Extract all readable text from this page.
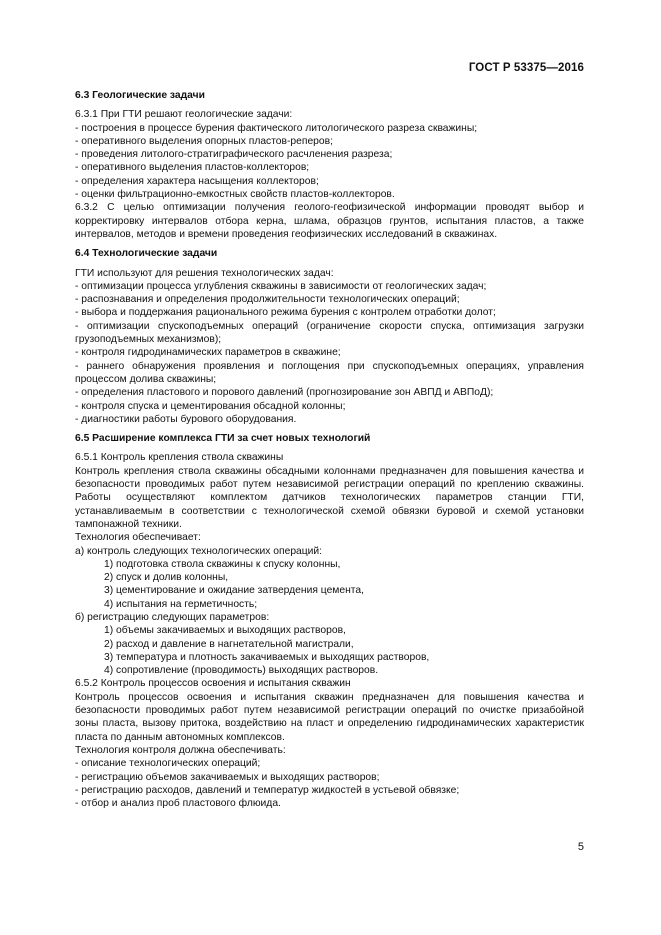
ГОСТ Р 53375—2016
6.3 Геологические задачи
6.3.1 При ГТИ решают геологические задачи:
- построения в процессе бурения фактического литологического разреза скважины;
- оперативного выделения опорных пластов-реперов;
- проведения литолого-стратиграфического расчленения разреза;
- оперативного выделения пластов-коллекторов;
- определения характера насыщения коллекторов;
- оценки фильтрационно-емкостных свойств пластов-коллекторов.
6.3.2 С целью оптимизации получения геолого-геофизической информации проводят выбор и корректировку интервалов отбора керна, шлама, образцов грунтов, испытания пластов, а также интервалов, методов и времени проведения геофизических исследований в скважинах.
6.4 Технологические задачи
ГТИ используют для решения технологических задач:
- оптимизации процесса углубления скважины в зависимости от геологических задач;
- распознавания и определения продолжительности технологических операций;
- выбора и поддержания рационального режима бурения с контролем отработки долот;
- оптимизации спускоподъемных операций (ограничение скорости спуска, оптимизация загрузки грузоподъемных механизмов);
- контроля гидродинамических параметров в скважине;
- раннего обнаружения проявления и поглощения при спускоподъемных операциях, управления процессом долива скважины;
- определения пластового и порового давлений (прогнозирование зон АВПД и АВПоД);
- контроля спуска и цементирования обсадной колонны;
- диагностики работы бурового оборудования.
6.5 Расширение комплекса ГТИ за счет новых технологий
6.5.1 Контроль крепления ствола скважины
Контроль крепления ствола скважины обсадными колоннами предназначен для повышения качества и безопасности проводимых работ путем независимой регистрации операций по креплению скважины. Работы осуществляют комплектом датчиков технологических параметров станции ГТИ, устанавливаемым в соответствии с технологической схемой обвязки буровой и схемой установки тампонажной техники.
Технология обеспечивает:
а) контроль следующих технологических операций:
1) подготовка ствола скважины к спуску колонны,
2) спуск и долив колонны,
3) цементирование и ожидание затвердения цемента,
4) испытания на герметичность;
б) регистрацию следующих параметров:
1) объемы закачиваемых и выходящих растворов,
2) расход и давление в нагнетательной магистрали,
3) температура и плотность закачиваемых и выходящих растворов,
4) сопротивление (проводимость) выходящих растворов.
6.5.2 Контроль процессов освоения и испытания скважин
Контроль процессов освоения и испытания скважин предназначен для повышения качества и безопасности проводимых работ путем независимой регистрации операций по очистке призабойной зоны пласта, вызову притока, воздействию на пласт и определению гидродинамических характеристик пласта по данным автономных комплексов.
Технология контроля должна обеспечивать:
- описание технологических операций;
- регистрацию объемов закачиваемых и выходящих растворов;
- регистрацию расходов, давлений и температур жидкостей в устьевой обвязке;
- отбор и анализ проб пластового флюида.
5
